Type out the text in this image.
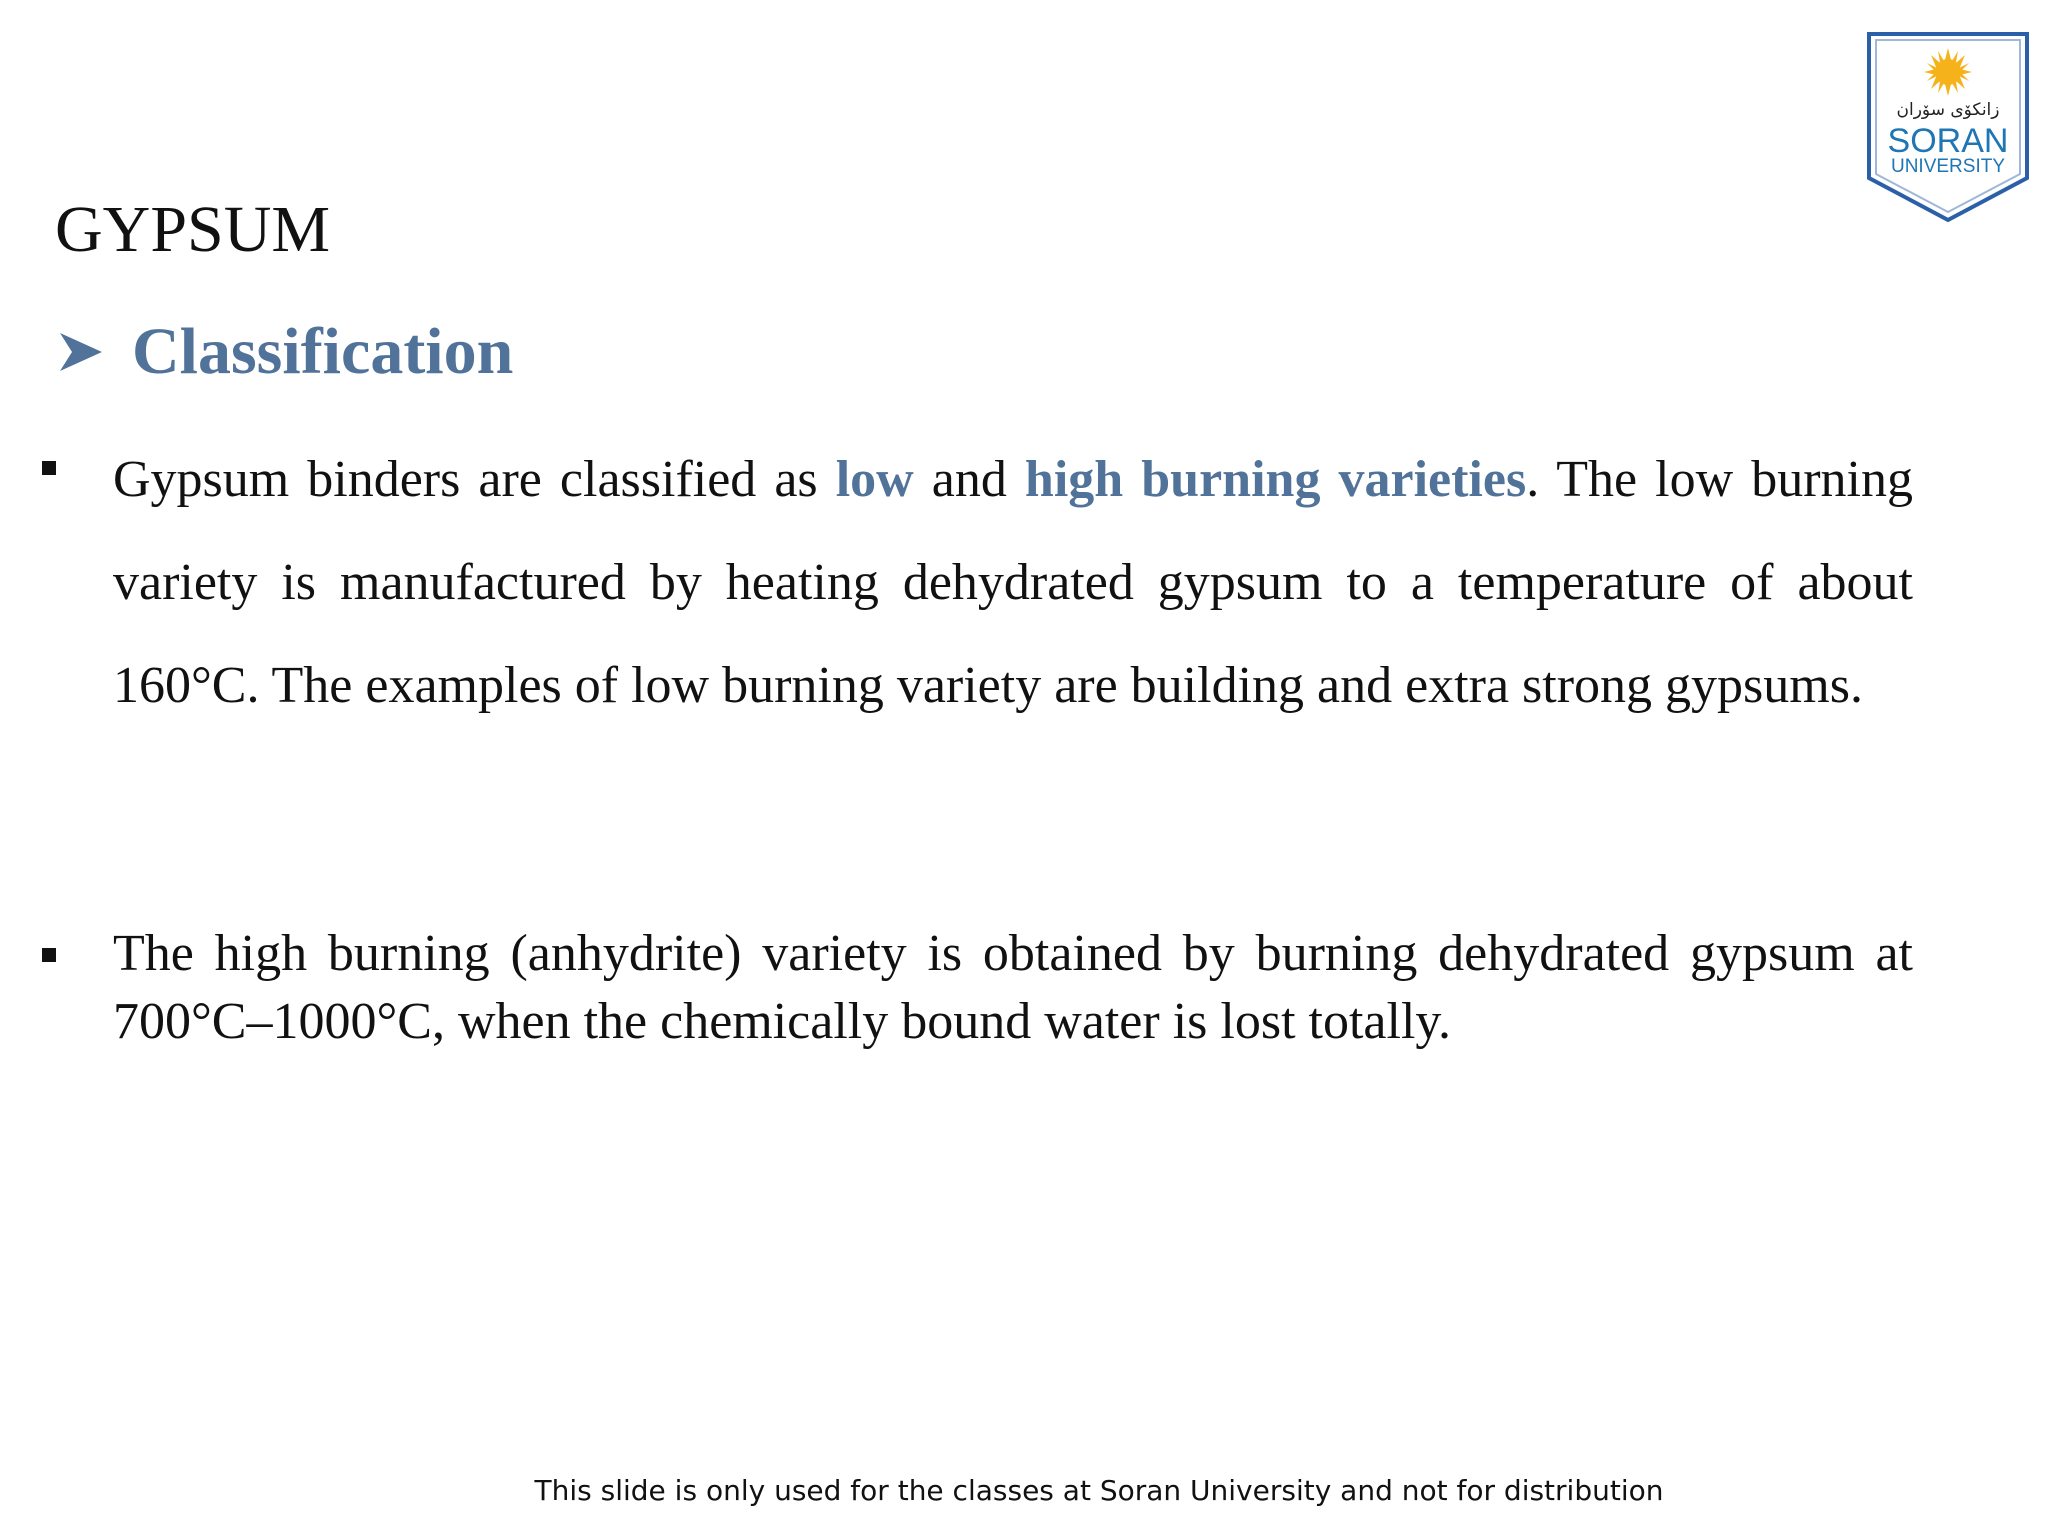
زانكۆی سۆران
SORAN
UNIVERSITY
GYPSUM
Classification

Gypsum binders are classified as low and high burning varieties. The low burning variety is manufactured by heating dehydrated gypsum to a temperature of about 160°C. The examples of low burning variety are building and extra strong gypsums.

The high burning (anhydrite) variety is obtained by burning dehydrated gypsum at 700°C–1000°C, when the chemically bound water is lost totally.

This slide is only used for the classes at Soran University and not for distribution
